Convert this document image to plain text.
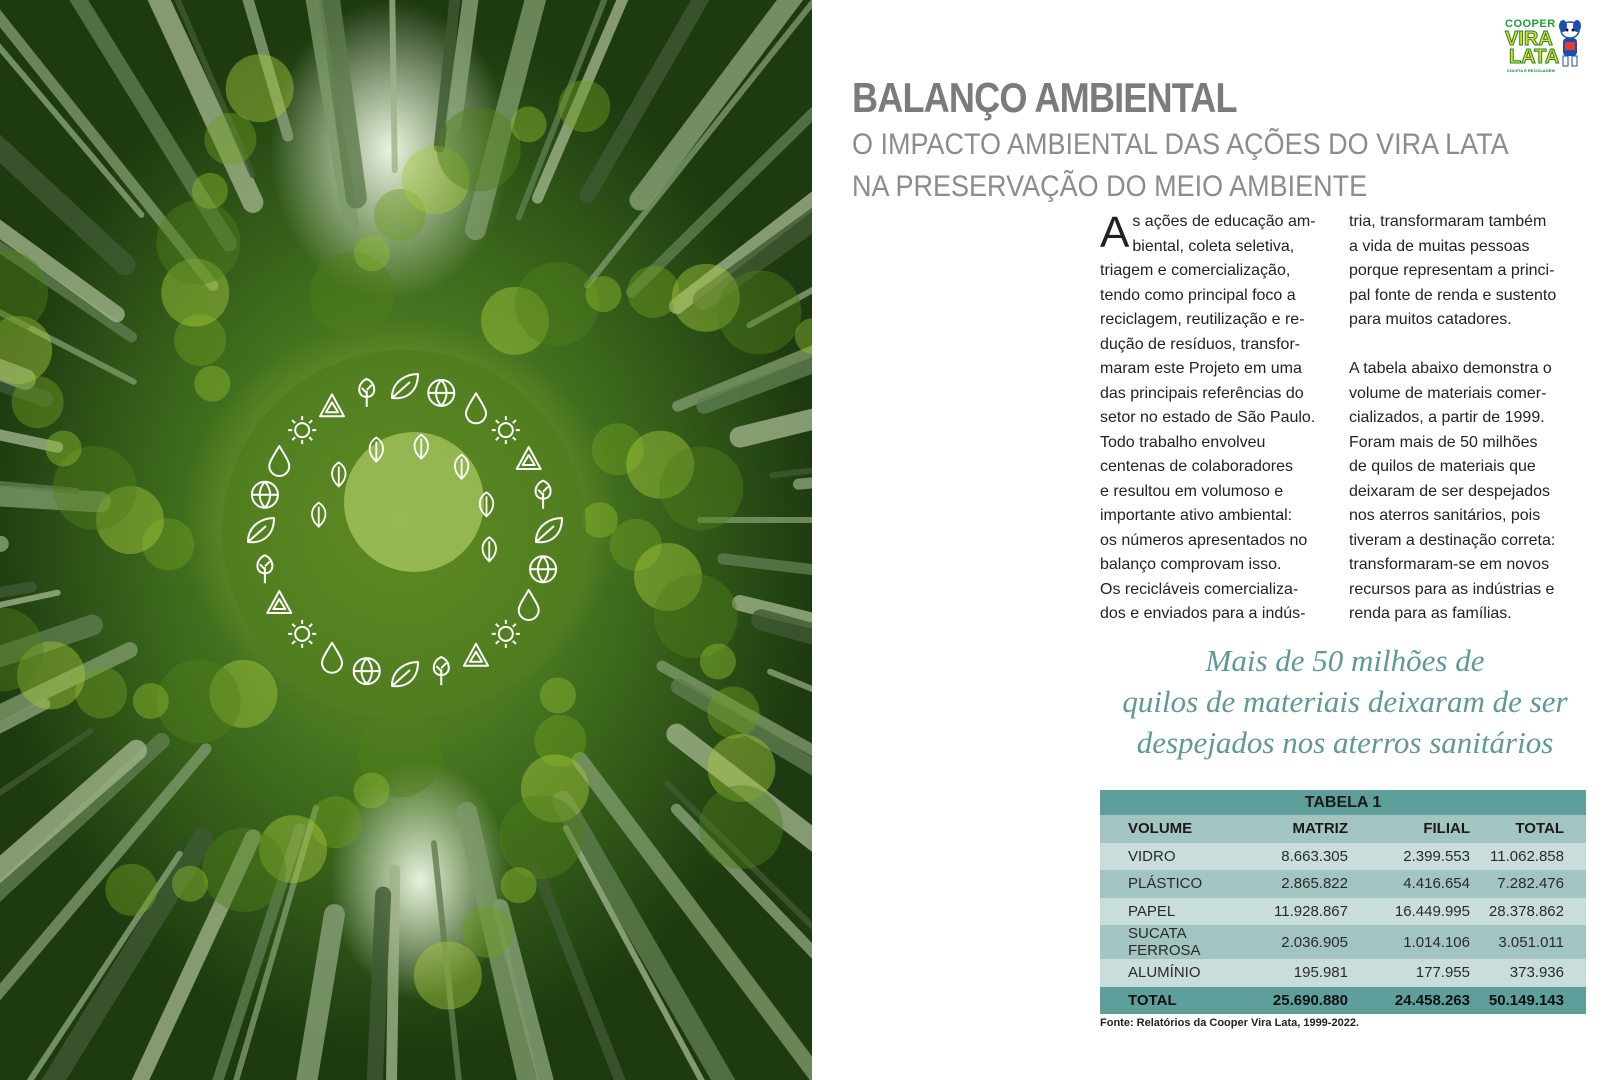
COOPER
VIRA
LATA
COLETA E RECICLAGEM
BALANÇO AMBIENTAL

O IMPACTO AMBIENTAL DAS AÇÕES DO VIRA LATA
NA PRESERVAÇÃO DO MEIO AMBIENTE

A s ações de educação am-
biental, coleta seletiva,
triagem e comercialização,
tendo como principal foco a
reciclagem, reutilização e re-
dução de resíduos, transfor-
maram este Projeto em uma
das principais referências do
setor no estado de São Paulo.
Todo trabalho envolveu
centenas de colaboradores
e resultou em volumoso e
importante ativo ambiental:
os números apresentados no
balanço comprovam isso.
Os recicláveis comercializa-
dos e enviados para a indús-

tria, transformaram também
a vida de muitas pessoas
porque representam a princi-
pal fonte de renda e sustento
para muitos catadores.

A tabela abaixo demonstra o
volume de materiais comer-
cializados, a partir de 1999.
Foram mais de 50 milhões
de quilos de materiais que
deixaram de ser despejados
nos aterros sanitários, pois
tiveram a destinação correta:
transformaram-se em novos
recursos para as indústrias e
renda para as famílias.

Mais de 50 milhões de
quilos de materiais deixaram de ser
despejados nos aterros sanitários

TABELA 1
VOLUME	MATRIZ	FILIAL	TOTAL
VIDRO	8.663.305	2.399.553	11.062.858
PLÁSTICO	2.865.822	4.416.654	7.282.476
PAPEL	11.928.867	16.449.995	28.378.862
SUCATA FERROSA	2.036.905	1.014.106	3.051.011
ALUMÍNIO	195.981	177.955	373.936
TOTAL	25.690.880	24.458.263	50.149.143

Fonte: Relatórios da Cooper Vira Lata, 1999-2022.
